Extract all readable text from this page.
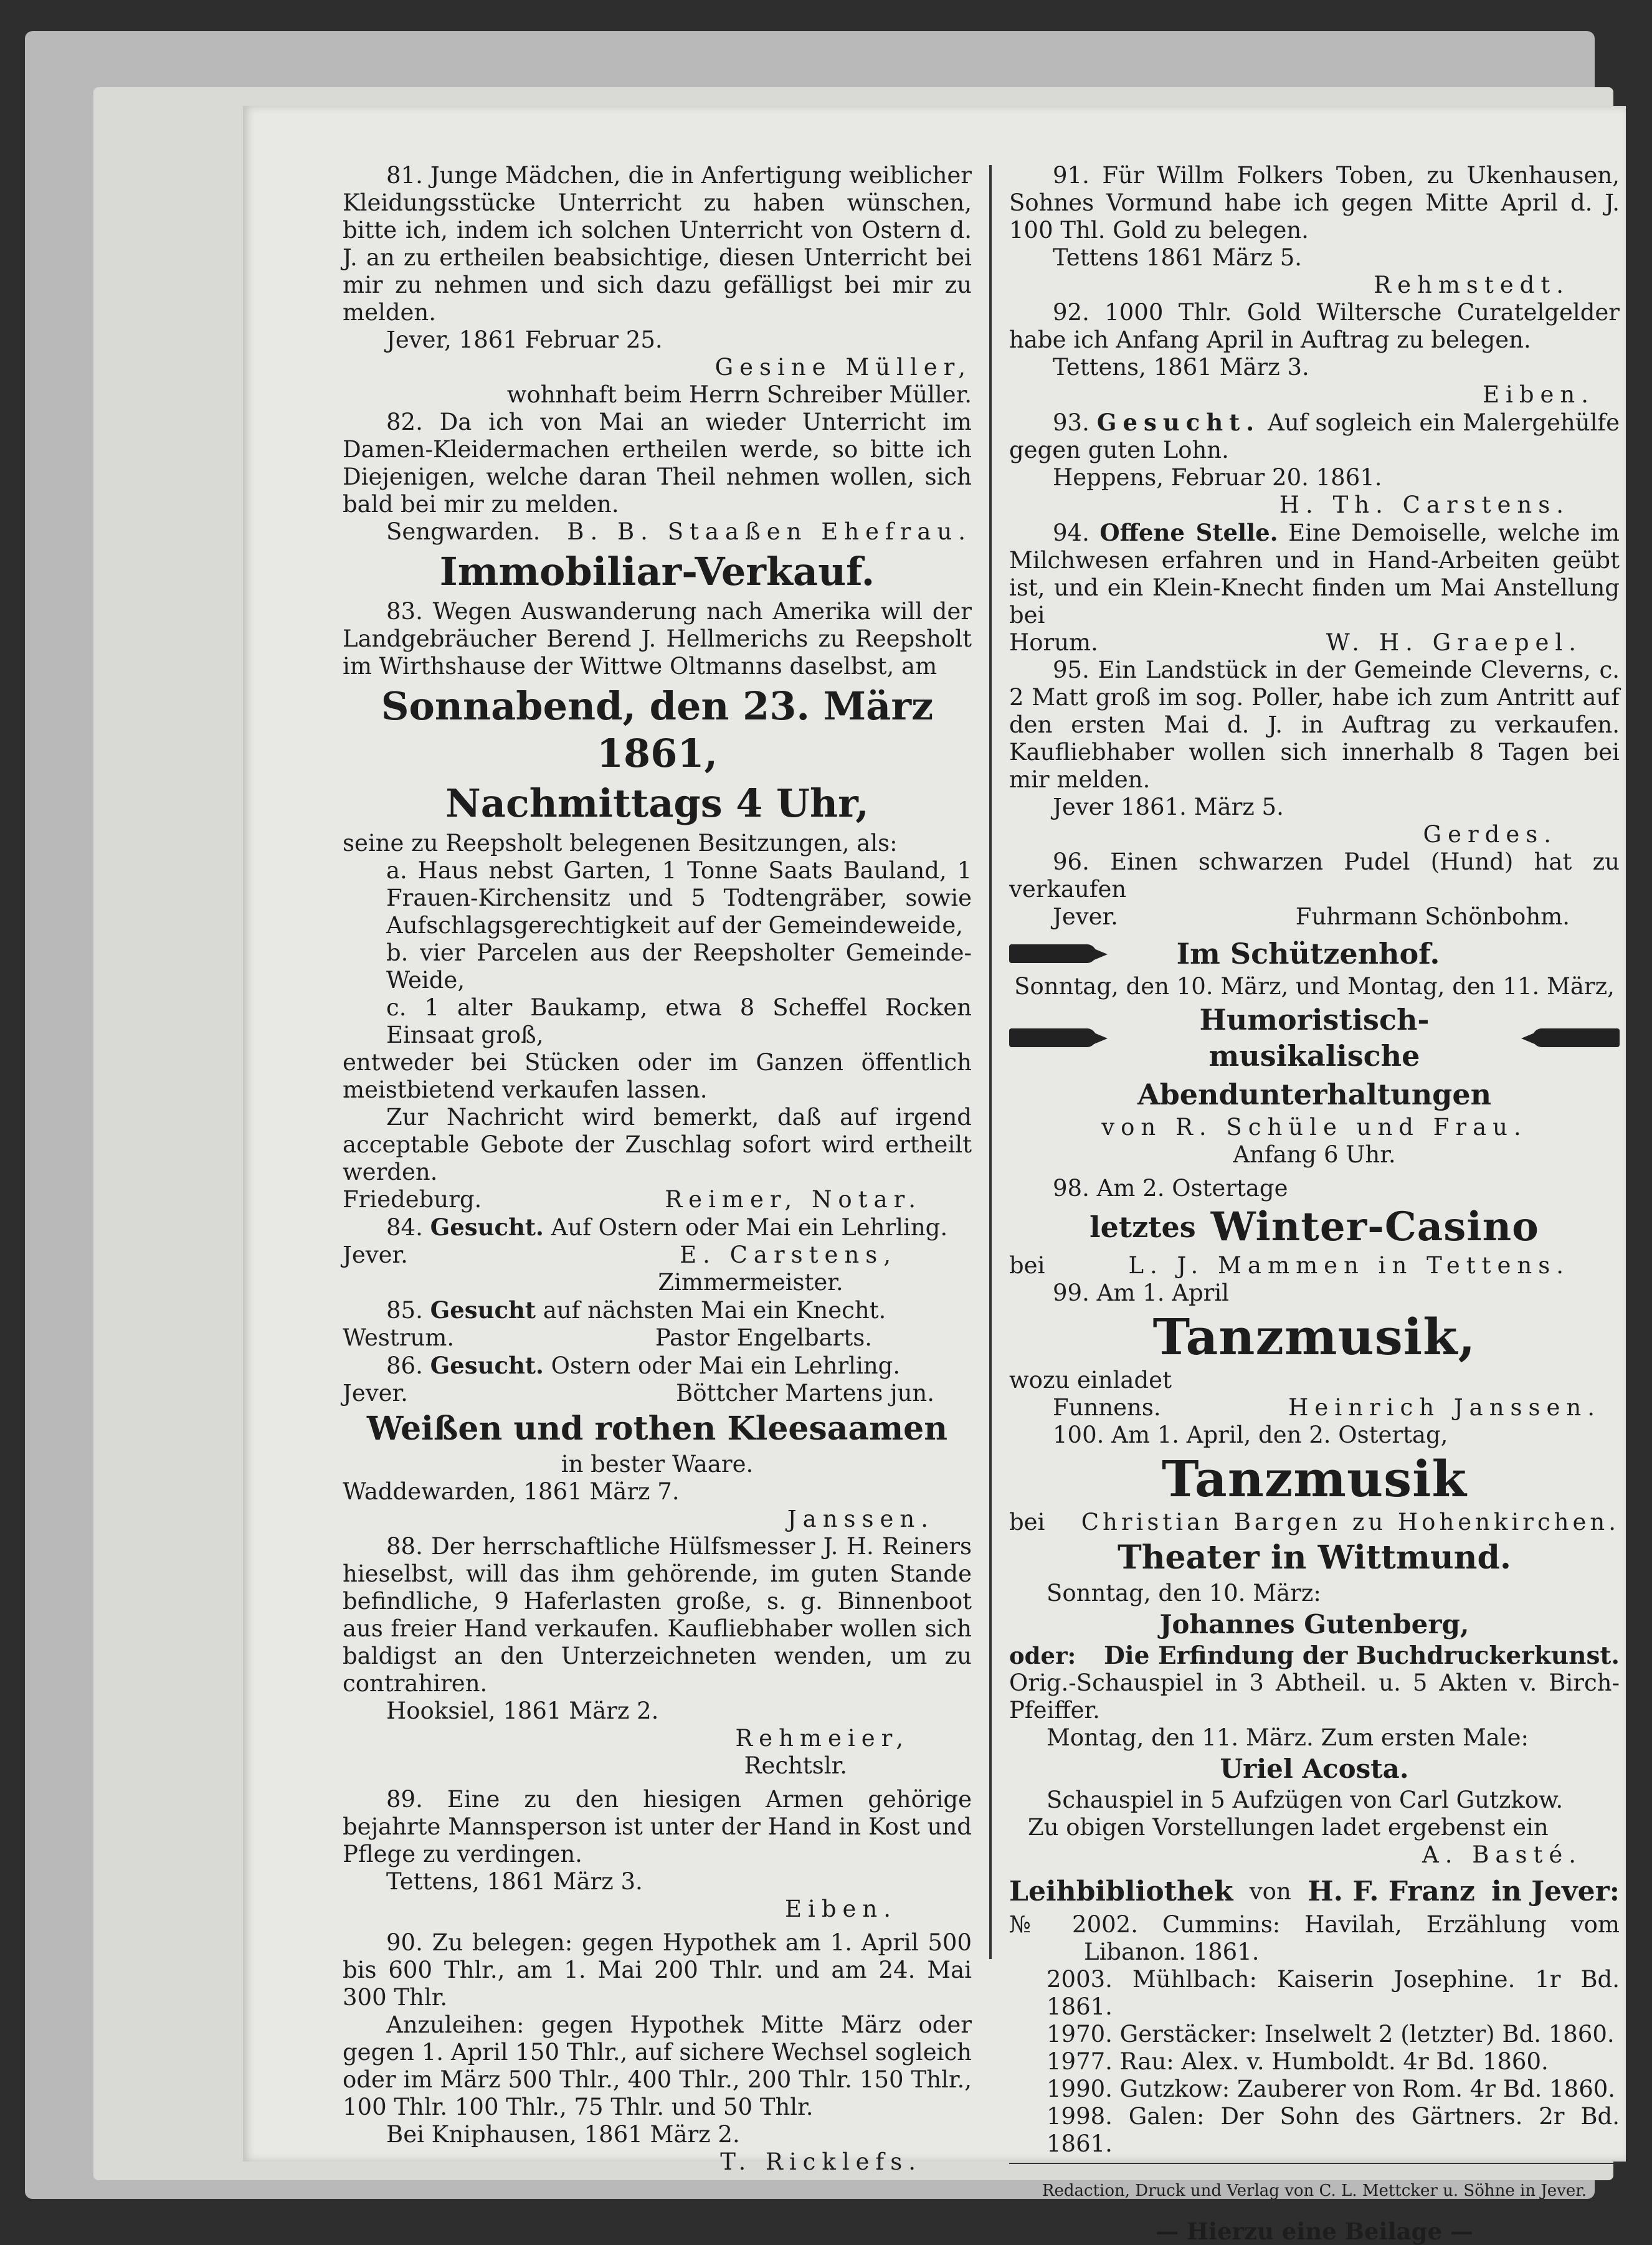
81. Junge Mädchen, die in Anfertigung weiblicher Kleidungsstücke Unterricht zu haben wünschen, bitte ich, indem ich solchen Unterricht von Ostern d. J. an zu ertheilen beabsichtige, diesen Unterricht bei mir zu nehmen und sich dazu gefälligst bei mir zu melden.

Jever, 1861 Februar 25.

Gesine Müller,

wohnhaft beim Herrn Schreiber Müller.

82. Da ich von Mai an wieder Unterricht im Damen-Kleidermachen ertheilen werde, so bitte ich Diejenigen, welche daran Theil nehmen wollen, sich bald bei mir zu melden.

Sengwarden. B. B. Staaßen Ehefrau.
Immobiliar-Verkauf.

83. Wegen Auswanderung nach Amerika will der Landgebräucher Berend J. Hellmerichs zu Reepsholt im Wirthshause der Wittwe Oltmanns daselbst, am

Sonnabend, den 23. März 1861,
Nachmittags 4 Uhr,

seine zu Reepsholt belegenen Besitzungen, als:

a. Haus nebst Garten, 1 Tonne Saats Bauland, 1 Frauen-Kirchensitz und 5 Todtengräber, sowie Aufschlagsgerechtigkeit auf der Gemeindeweide,

b. vier Parcelen aus der Reepsholter Gemeinde-Weide,

c. 1 alter Baukamp, etwa 8 Scheffel Rocken Einsaat groß,

entweder bei Stücken oder im Ganzen öffentlich meistbietend verkaufen lassen.

Zur Nachricht wird bemerkt, daß auf irgend acceptable Gebote der Zuschlag sofort wird ertheilt werden.

Friedeburg.	Reimer, Notar.

84. Gesucht. Auf Ostern oder Mai ein Lehrling.

Jever.	E. Carstens,

Zimmermeister.

85. Gesucht auf nächsten Mai ein Knecht.

Westrum.	Pastor Engelbarts.

86. Gesucht. Ostern oder Mai ein Lehrling.

Jever.	Böttcher Martens jun.
Weißen und rothen Kleesaamen

in bester Waare.

Waddewarden, 1861 März 7.

Janssen.

88. Der herrschaftliche Hülfsmesser J. H. Reiners hieselbst, will das ihm gehörende, im guten Stande befindliche, 9 Haferlasten große, s. g. Binnenboot aus freier Hand verkaufen. Kaufliebhaber wollen sich baldigst an den Unterzeichneten wenden, um zu contrahiren.

Hooksiel, 1861 März 2.

Rehmeier,

Rechtslr.

89. Eine zu den hiesigen Armen gehörige bejahrte Mannsperson ist unter der Hand in Kost und Pflege zu verdingen.

Tettens, 1861 März 3.

Eiben.

90. Zu belegen: gegen Hypothek am 1. April 500 bis 600 Thlr., am 1. Mai 200 Thlr. und am 24. Mai 300 Thlr.

Anzuleihen: gegen Hypothek Mitte März oder gegen 1. April 150 Thlr., auf sichere Wechsel sogleich oder im März 500 Thlr., 400 Thlr., 200 Thlr. 150 Thlr., 100 Thlr. 100 Thlr., 75 Thlr. und 50 Thlr.

Bei Kniphausen, 1861 März 2.

T. Ricklefs.

91. Für Willm Folkers Toben, zu Ukenhausen, Sohnes Vormund habe ich gegen Mitte April d. J. 100 Thl. Gold zu belegen.

Tettens 1861 März 5.

Rehmstedt.

92. 1000 Thlr. Gold Wiltersche Curatelgelder habe ich Anfang April in Auftrag zu belegen.

Tettens, 1861 März 3.

Eiben.

93. Gesucht. Auf sogleich ein Malergehülfe gegen guten Lohn.

Heppens, Februar 20. 1861.

H. Th. Carstens.

94. Offene Stelle. Eine Demoiselle, welche im Milchwesen erfahren und in Hand-Arbeiten geübt ist, und ein Klein-Knecht finden um Mai Anstellung bei

Horum.	W. H. Graepel.

95. Ein Landstück in der Gemeinde Cleverns, c. 2 Matt groß im sog. Poller, habe ich zum Antritt auf den ersten Mai d. J. in Auftrag zu verkaufen. Kaufliebhaber wollen sich innerhalb 8 Tagen bei mir melden.

Jever 1861. März 5.

Gerdes.

96. Einen schwarzen Pudel (Hund) hat zu verkaufen

Jever.	Fuhrmann Schönbohm.
Im Schützenhof.

Sonntag, den 10. März, und Montag, den 11. März,

Humoristisch-musikalische
Abendunterhaltungen

von R. Schüle und Frau.

Anfang 6 Uhr.

98. Am 2. Ostertage

letztes Winter-Casino
bei	L. J. Mammen in Tettens.

99. Am 1. April

Tanzmusik,

wozu einladet

Funnens.	Heinrich Janssen.

100. Am 1. April, den 2. Ostertag,

Tanzmusik
bei Christian Bargen zu Hohenkirchen.
Theater in Wittmund.

Sonntag, den 10. März:

Johannes Gutenberg,
oder: Die Erfindung der Buchdruckerkunst.

Orig.-Schauspiel in 3 Abtheil. u. 5 Akten v. Birch-Pfeiffer.

Montag, den 11. März. Zum ersten Male:

Uriel Acosta.

Schauspiel in 5 Aufzügen von Carl Gutzkow.

Zu obigen Vorstellungen ladet ergebenst ein

A. Basté.

Leihbibliothek von H. F. Franz in Jever:

№ 2002. Cummins: Havilah, Erzählung vom Libanon. 1861.

2003. Mühlbach: Kaiserin Josephine. 1r Bd. 1861.

1970. Gerstäcker: Inselwelt 2 (letzter) Bd. 1860.

1977. Rau: Alex. v. Humboldt. 4r Bd. 1860.

1990. Gutzkow: Zauberer von Rom. 4r Bd. 1860.

1998. Galen: Der Sohn des Gärtners. 2r Bd. 1861.

Redaction, Druck und Verlag von C. L. Mettcker u. Söhne in Jever.

— Hierzu eine Beilage —
